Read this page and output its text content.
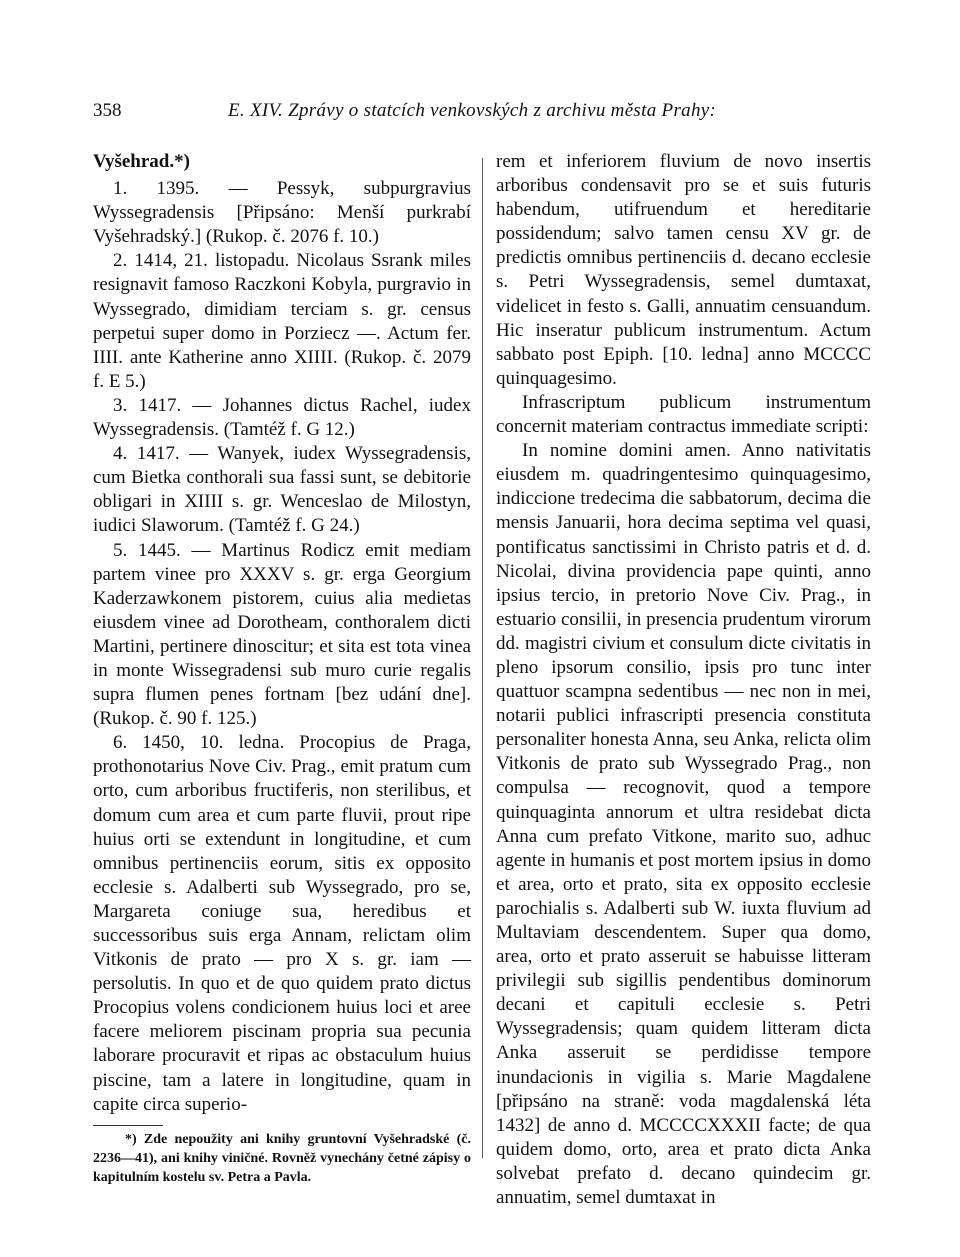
358	E. XIV. Zprávy o statcích venkovských z archivu města Prahy:
Vyšehrad.*)

1. 1395. — Pessyk, subpurgravius Wyssegradensis [Připsáno: Menší purkrabí Vyšehradský.] (Rukop. č. 2076 f. 10.)

2. 1414, 21. listopadu. Nicolaus Ssrank miles resignavit famoso Raczkoni Kobyla, purgravio in Wyssegrado, dimidiam terciam s. gr. census perpetui super domo in Porziecz —. Actum fer. IIII. ante Katherine anno XIIII. (Rukop. č. 2079 f. E 5.)

3. 1417. — Johannes dictus Rachel, iudex Wyssegradensis. (Tamtéž f. G 12.)

4. 1417. — Wanyek, iudex Wyssegradensis, cum Bietka conthorali sua fassi sunt, se debitorie obligari in XIIII s. gr. Wenceslao de Milostyn, iudici Slaworum. (Tamtéž f. G 24.)

5. 1445. — Martinus Rodicz emit mediam partem vinee pro XXXV s. gr. erga Georgium Kaderzawkonem pistorem, cuius alia medietas eiusdem vinee ad Dorotheam, conthoralem dicti Martini, pertinere dinoscitur; et sita est tota vinea in monte Wissegradensi sub muro curie regalis supra flumen penes fortnam [bez udání dne]. (Rukop. č. 90 f. 125.)

6. 1450, 10. ledna. Procopius de Praga, prothonotarius Nove Civ. Prag., emit pratum cum orto, cum arboribus fructiferis, non sterilibus, et domum cum area et cum parte fluvii, prout ripe huius orti se extendunt in longitudine, et cum omnibus pertinenciis eorum, sitis ex opposito ecclesie s. Adalberti sub Wyssegrado, pro se, Margareta coniuge sua, heredibus et successoribus suis erga Annam, relictam olim Vitkonis de prato — pro X s. gr. iam — persolutis. In quo et de quo quidem prato dictus Procopius volens condicionem huius loci et aree facere meliorem piscinam propria sua pecunia laborare procuravit et ripas ac obstaculum huius piscine, tam a latere in longitudine, quam in capite circa superio-

*) Zde nepoužity ani knihy gruntovní Vyšehradské (č. 2236—41), ani knihy viničné. Rovněž vynechány četné zápisy o kapitulním kostelu sv. Petra a Pavla.

rem et inferiorem fluvium de novo insertis arboribus condensavit pro se et suis futuris habendum, utifruendum et hereditarie possidendum; salvo tamen censu XV gr. de predictis omnibus pertinenciis d. decano ecclesie s. Petri Wyssegradensis, semel dumtaxat, videlicet in festo s. Galli, annuatim censuandum. Hic inseratur publicum instrumentum. Actum sabbato post Epiph. [10. ledna] anno MCCCC quinquagesimo.

Infrascriptum publicum instrumentum concernit materiam contractus immediate scripti:

In nomine domini amen. Anno nativitatis eiusdem m. quadringentesimo quinquagesimo, indiccione tredecima die sabbatorum, decima die mensis Januarii, hora decima septima vel quasi, pontificatus sanctissimi in Christo patris et d. d. Nicolai, divina providencia pape quinti, anno ipsius tercio, in pretorio Nove Civ. Prag., in estuario consilii, in presencia prudentum virorum dd. magistri civium et consulum dicte civitatis in pleno ipsorum consilio, ipsis pro tunc inter quattuor scampna sedentibus — nec non in mei, notarii publici infrascripti presencia constituta personaliter honesta Anna, seu Anka, relicta olim Vitkonis de prato sub Wyssegrado Prag., non compulsa — recognovit, quod a tempore quinquaginta annorum et ultra residebat dicta Anna cum prefato Vitkone, marito suo, adhuc agente in humanis et post mortem ipsius in domo et area, orto et prato, sita ex opposito ecclesie parochialis s. Adalberti sub W. iuxta fluvium ad Multaviam descendentem. Super qua domo, area, orto et prato asseruit se habuisse litteram privilegii sub sigillis pendentibus dominorum decani et capituli ecclesie s. Petri Wyssegradensis; quam quidem litteram dicta Anka asseruit se perdidisse tempore inundacionis in vigilia s. Marie Magdalene [připsáno na straně: voda magdalenská léta 1432] de anno d. MCCCCXXXII facte; de qua quidem domo, orto, area et prato dicta Anka solvebat prefato d. decano quindecim gr. annuatim, semel dumtaxat in
